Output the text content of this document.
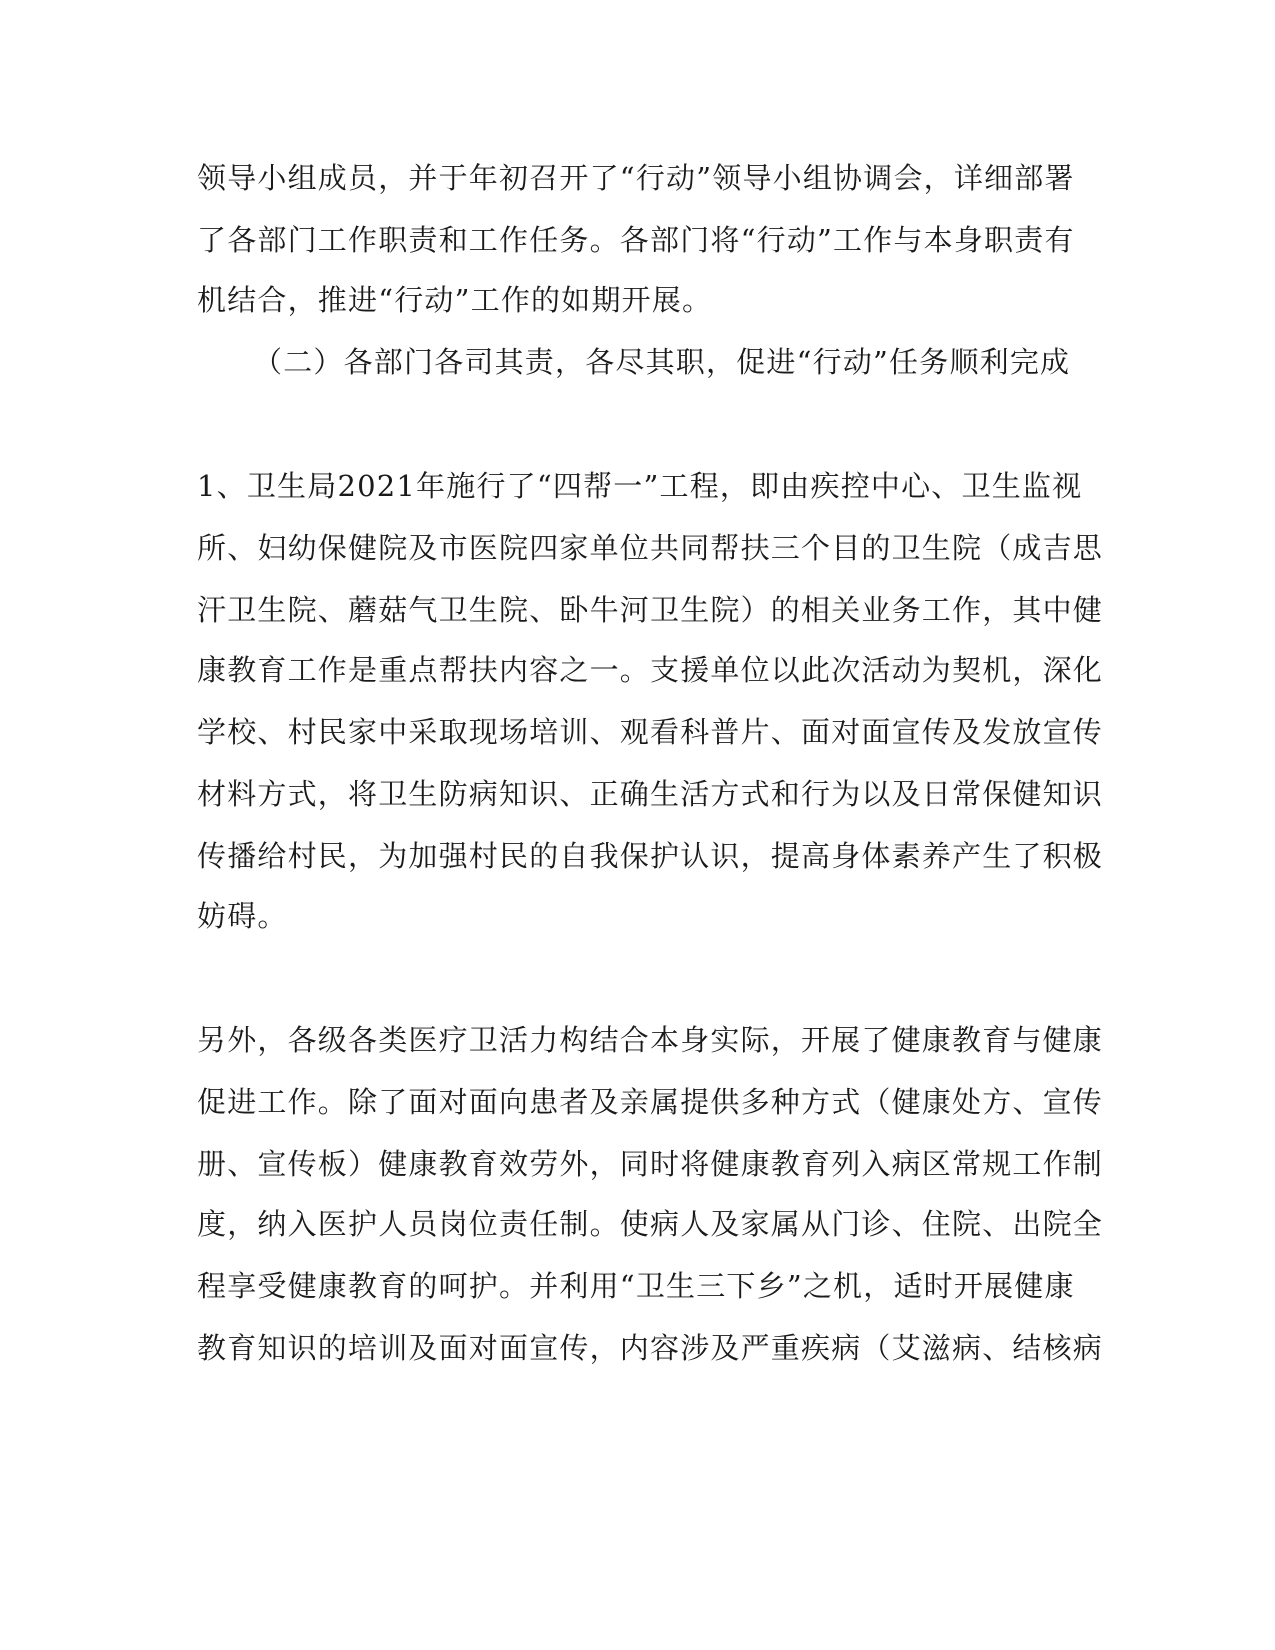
领导小组成员，并于年初召开了“行动”领导小组协调会，详细部署
了各部门工作职责和工作任务。各部门将“行动”工作与本身职责有
机结合，推进“行动”工作的如期开展。
（二）各部门各司其责，各尽其职，促进“行动”任务顺利完成
1、卫生局2021年施行了“四帮一”工程，即由疾控中心、卫生监视
所、妇幼保健院及市医院四家单位共同帮扶三个目的卫生院（成吉思
汗卫生院、蘑菇气卫生院、卧牛河卫生院）的相关业务工作，其中健
康教育工作是重点帮扶内容之一。支援单位以此次活动为契机，深化
学校、村民家中采取现场培训、观看科普片、面对面宣传及发放宣传
材料方式，将卫生防病知识、正确生活方式和行为以及日常保健知识
传播给村民，为加强村民的自我保护认识，提高身体素养产生了积极
妨碍。
另外，各级各类医疗卫活力构结合本身实际，开展了健康教育与健康
促进工作。除了面对面向患者及亲属提供多种方式（健康处方、宣传
册、宣传板）健康教育效劳外，同时将健康教育列入病区常规工作制
度，纳入医护人员岗位责任制。使病人及家属从门诊、住院、出院全
程享受健康教育的呵护。并利用“卫生三下乡”之机，适时开展健康
教育知识的培训及面对面宣传，内容涉及严重疾病（艾滋病、结核病
